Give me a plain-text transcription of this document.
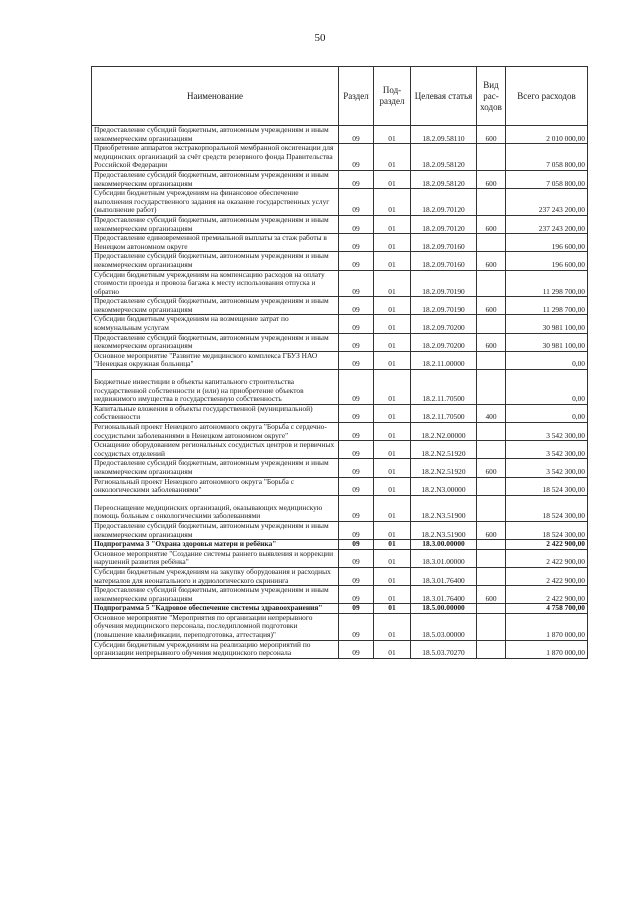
50
Наименование	Раздел	Под-раздел	Целевая статья	Вид рас-ходов	Всего расходов
Предоставление субсидий бюджетным, автономным учреждениям и иным некоммерческим организациям	09	01	18.2.09.58110	600	2 010 000,00
Приобретение аппаратов экстракорпоральной мембранной оксигенации для медицинских организаций за счёт средств резервного фонда Правительства Российской Федерации	09	01	18.2.09.58120		7 058 800,00
Предоставление субсидий бюджетным, автономным учреждениям и иным некоммерческим организациям	09	01	18.2.09.58120	600	7 058 800,00
Субсидии бюджетным учреждениям на финансовое обеспечение выполнения государственного задания на оказание государственных услуг (выполнение работ)	09	01	18.2.09.70120		237 243 200,00
Предоставление субсидий бюджетным, автономным учреждениям и иным некоммерческим организациям	09	01	18.2.09.70120	600	237 243 200,00
Предоставление единовременной премиальной выплаты за стаж работы в Ненецком автономном округе	09	01	18.2.09.70160		196 600,00
Предоставление субсидий бюджетным, автономным учреждениям и иным некоммерческим организациям	09	01	18.2.09.70160	600	196 600,00
Субсидии бюджетным учреждениям на компенсацию расходов на оплату стоимости проезда и провоза багажа к месту использования отпуска и обратно	09	01	18.2.09.70190		11 298 700,00
Предоставление субсидий бюджетным, автономным учреждениям и иным некоммерческим организациям	09	01	18.2.09.70190	600	11 298 700,00
Субсидии бюджетным учреждениям на возмещение затрат по коммунальным услугам	09	01	18.2.09.70200		30 981 100,00
Предоставление субсидий бюджетным, автономным учреждениям и иным некоммерческим организациям	09	01	18.2.09.70200	600	30 981 100,00
Основное мероприятие "Развитие медицинского комплекса ГБУЗ НАО "Ненецкая окружная больница"	09	01	18.2.11.00000		0,00
Бюджетные инвестиции в объекты капитального строительства государственной собственности и (или) на приобретение объектов недвижимого имущества в государственную собственность	09	01	18.2.11.70500		0,00
Капитальные вложения в объекты государственной (муниципальной) собственности	09	01	18.2.11.70500	400	0,00
Региональный проект Ненецкого автономного округа "Борьба с сердечно-сосудистыми заболеваниями в Ненецком автономном округе"	09	01	18.2.N2.00000		3 542 300,00
Оснащение оборудованием региональных сосудистых центров и первичных сосудистых отделений	09	01	18.2.N2.51920		3 542 300,00
Предоставление субсидий бюджетным, автономным учреждениям и иным некоммерческим организациям	09	01	18.2.N2.51920	600	3 542 300,00
Региональный проект Ненецкого автономного округа "Борьба с онкологическими заболеваниями"	09	01	18.2.N3.00000		18 524 300,00
Переоснащение медицинских организаций, оказывающих медицинскую помощь больным с онкологическими заболеваниями	09	01	18.2.N3.51900		18 524 300,00
Предоставление субсидий бюджетным, автономным учреждениям и иным некоммерческим организациям	09	01	18.2.N3.51900	600	18 524 300,00
Подпрограмма 3 "Охрана здоровья матери и ребёнка"	09	01	18.3.00.00000		2 422 900,00
Основное мероприятие "Создание системы раннего выявления и коррекции нарушений развития ребёнка"	09	01	18.3.01.00000		2 422 900,00
Субсидии бюджетным учреждениям на закупку оборудования и расходных материалов для неонатального и аудиологического скрининга	09	01	18.3.01.76400		2 422 900,00
Предоставление субсидий бюджетным, автономным учреждениям и иным некоммерческим организациям	09	01	18.3.01.76400	600	2 422 900,00
Подпрограмма 5 "Кадровое обеспечение системы здравоохранения"	09	01	18.5.00.00000		4 758 700,00
Основное мероприятие "Мероприятия по организации непрерывного обучения медицинского персонала, последипломной подготовки (повышение квалификации, переподготовка, аттестация)"	09	01	18.5.03.00000		1 870 000,00
Субсидии бюджетным учреждениям на реализацию мероприятий по организации непрерывного обучения медицинского персонала	09	01	18.5.03.70270		1 870 000,00
